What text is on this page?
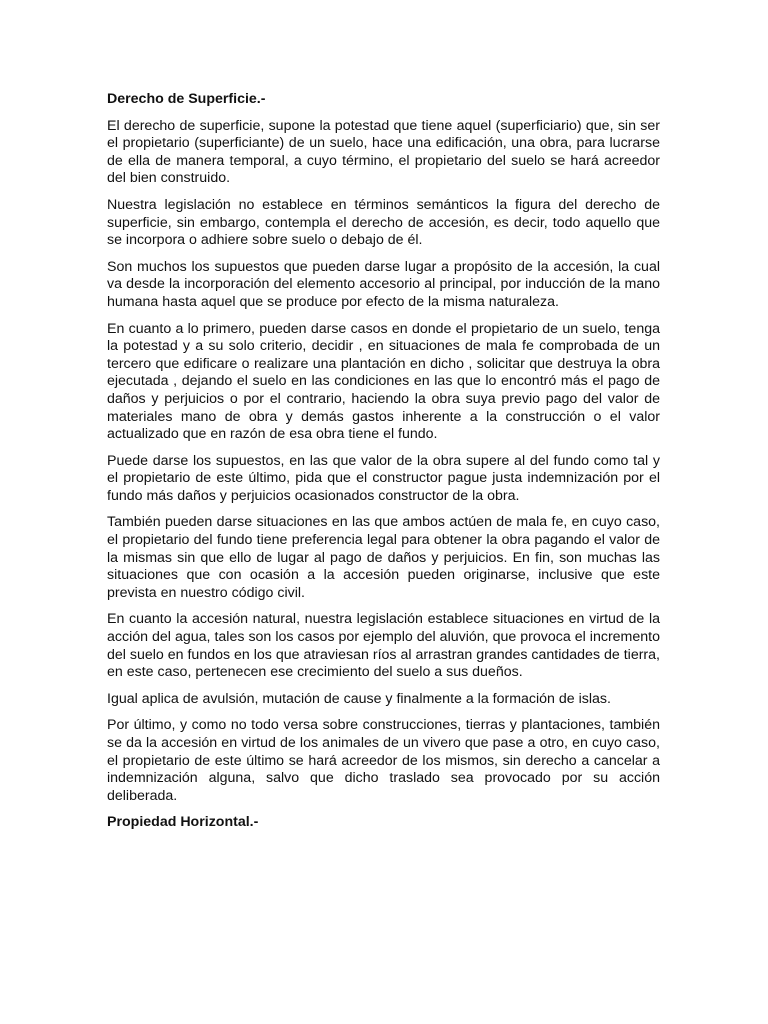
Derecho de Superficie.-

El derecho de superficie, supone la potestad que tiene aquel (superficiario) que, sin ser el propietario (superficiante) de un suelo, hace una edificación, una obra, para lucrarse de ella de manera temporal, a cuyo término, el propietario del suelo se hará acreedor del bien construido.

Nuestra legislación no establece en términos semánticos la figura del derecho de superficie, sin embargo, contempla el derecho de accesión, es decir, todo aquello que se incorpora o adhiere sobre suelo o debajo de él.

Son muchos los supuestos que pueden darse lugar a propósito de la accesión, la cual va desde la incorporación del elemento accesorio al principal, por inducción de la mano humana hasta aquel que se produce por efecto de la misma naturaleza.

En cuanto a lo primero, pueden darse casos en donde el propietario de un suelo, tenga la potestad y a su solo criterio, decidir , en situaciones de mala fe comprobada de un tercero que edificare o realizare una plantación en dicho , solicitar que destruya la obra ejecutada , dejando el suelo en las condiciones en las que lo encontró más el pago de daños y perjuicios o por el contrario, haciendo la obra suya previo pago del valor de materiales mano de obra y demás gastos inherente a la construcción o el valor actualizado que en razón de esa obra tiene el fundo.

Puede darse los supuestos, en las que valor de la obra supere al del fundo como tal y el propietario de este último, pida que el constructor pague justa indemnización por el fundo más daños y perjuicios ocasionados constructor de la obra.

También pueden darse situaciones en las que ambos actúen de mala fe, en cuyo caso, el propietario del fundo tiene preferencia legal para obtener la obra pagando el valor de la mismas sin que ello de lugar al pago de daños y perjuicios. En fin, son muchas las situaciones que con ocasión a la accesión pueden originarse, inclusive que este prevista en nuestro código civil.

En cuanto la accesión natural, nuestra legislación establece situaciones en virtud de la acción del agua, tales son los casos por ejemplo del aluvión, que provoca el incremento del suelo en fundos en los que atraviesan ríos al arrastran grandes cantidades de tierra, en este caso, pertenecen ese crecimiento del suelo a sus dueños.

Igual aplica de avulsión, mutación de cause y finalmente a la formación de islas.

Por último, y como no todo versa sobre construcciones, tierras y plantaciones, también se da la accesión en virtud de los animales de un vivero que pase a otro, en cuyo caso, el propietario de este último se hará acreedor de los mismos, sin derecho a cancelar a indemnización alguna, salvo que dicho traslado sea provocado por su acción deliberada.

Propiedad Horizontal.-
